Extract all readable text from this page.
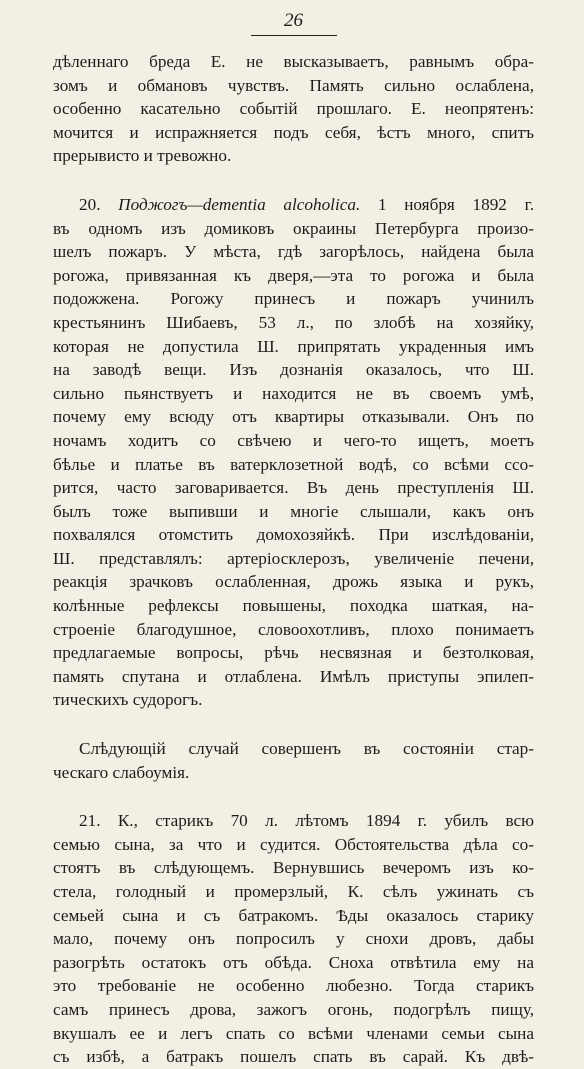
26
дѣленнаго бреда Е. не высказываетъ, равнымъ обра-
зомъ и обмановъ чувствъ. Память сильно ослаблена,
особенно касательно событій прошлаго. Е. неопрятенъ:
мочится и испражняется подъ себя, ѣстъ много, спитъ
прерывисто и тревожно.
20. Поджогъ—dementia alcoholica. 1 ноября 1892 г.
въ одномъ изъ домиковъ окраины Петербурга произо-
шелъ пожаръ. У мѣста, гдѣ загорѣлось, найдена была
рогожа, привязанная къ дверя,—эта то рогожа и была
подожжена. Рогожу принесъ и пожаръ учинилъ
крестьянинъ Шибаевъ, 53 л., по злобѣ на хозяйку,
которая не допустила Ш. припрятать украденныя имъ
на заводѣ вещи. Изъ дознанія оказалось, что Ш.
сильно пьянствуетъ и находится не въ своемъ умѣ,
почему ему всюду отъ квартиры отказывали. Онъ по
ночамъ ходитъ со свѣчею и чего-то ищетъ, моетъ
бѣлье и платье въ ватерклозетной водѣ, со всѣми ссо-
рится, часто заговаривается. Въ день преступленія Ш.
былъ тоже выпивши и многіе слышали, какъ онъ
похвалялся отомстить домохозяйкѣ. При изслѣдованіи,
Ш. представлялъ: артеріосклерозъ, увеличеніе печени,
реакція зрачковъ ослабленная, дрожь языка и рукъ,
колѣнные рефлексы повышены, походка шаткая, на-
строеніе благодушное, словоохотливъ, плохо понимаетъ
предлагаемые вопросы, рѣчь несвязная и безтолковая,
память спутана и отлаблена. Имѣлъ приступы эпилеп-
тическихъ судорогъ.
Слѣдующій случай совершенъ въ состояніи стар-
ческаго слабоумія.
21. К., старикъ 70 л. лѣтомъ 1894 г. убилъ всю
семью сына, за что и судится. Обстоятельства дѣла со-
стоятъ въ слѣдующемъ. Вернувшись вечеромъ изъ ко-
стела, голодный и промерзлый, К. сѣлъ ужинать съ
семьей сына и съ батракомъ. Ѣды оказалось старику
мало, почему онъ попросилъ у снохи дровъ, дабы
разогрѣть остатокъ отъ обѣда. Сноха отвѣтила ему на
это требованіе не особенно любезно. Тогда старикъ
самъ принесъ дрова, зажогъ огонь, подогрѣлъ пищу,
вкушалъ ее и легъ спать со всѣми членами семьи сына
съ избѣ, а батракъ пошелъ спать въ сарай. Къ двѣ-
